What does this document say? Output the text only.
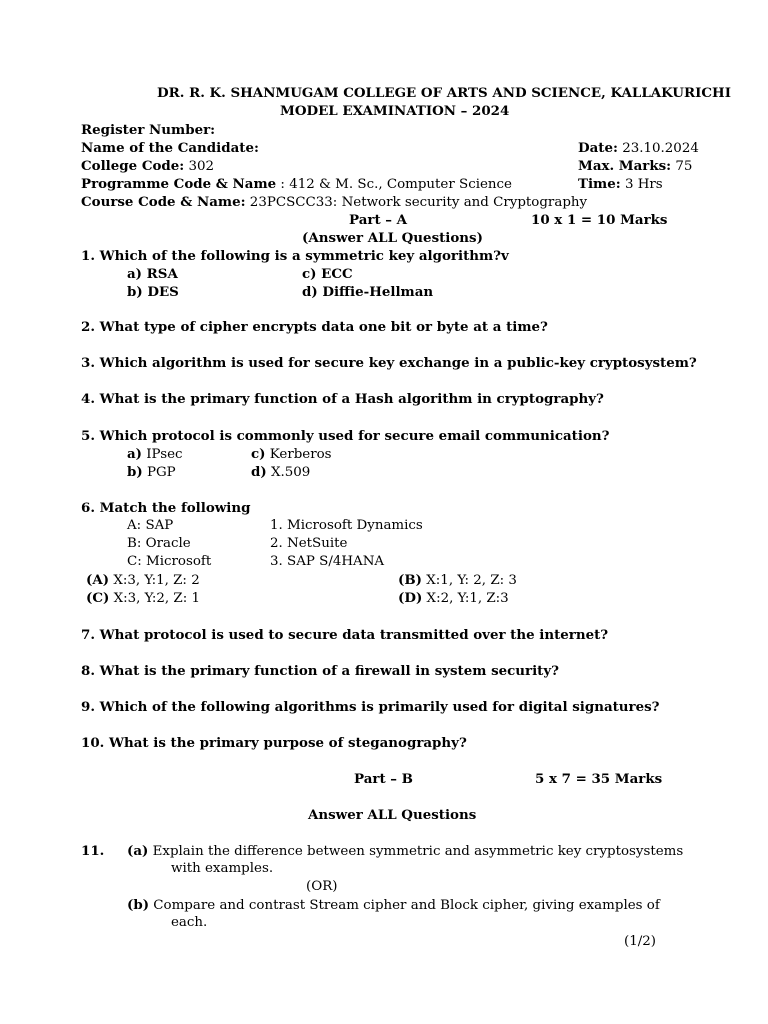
DR. R. K. SHANMUGAM COLLEGE OF ARTS AND SCIENCE, KALLAKURICHI
MODEL EXAMINATION – 2024
Register Number:
Name of the Candidate:	Date: 23.10.2024
College Code: 302	Max. Marks: 75
Programme Code & Name : 412 & M. Sc., Computer Science	Time: 3 Hrs
Course Code & Name: 23PCSCC33: Network security and Cryptography
Part – A	10 x 1 = 10 Marks
(Answer ALL Questions)
1. Which of the following is a symmetric key algorithm?v
a) RSA	c) ECC
b) DES	d) Diffie-Hellman
2. What type of cipher encrypts data one bit or byte at a time?
3. Which algorithm is used for secure key exchange in a public-key cryptosystem?
4. What is the primary function of a Hash algorithm in cryptography?
5. Which protocol is commonly used for secure email communication?
a) IPsec	c) Kerberos
b) PGP	d) X.509
6. Match the following
A: SAP	1. Microsoft Dynamics
B: Oracle	2. NetSuite
C: Microsoft	3. SAP S/4HANA
(A) X:3, Y:1, Z: 2	(B) X:1, Y: 2, Z: 3
(C) X:3, Y:2, Z: 1	(D) X:2, Y:1, Z:3
7. What protocol is used to secure data transmitted over the internet?
8. What is the primary function of a firewall in system security?
9. Which of the following algorithms is primarily used for digital signatures?
10. What is the primary purpose of steganography?
Part – B	5 x 7 = 35 Marks
Answer ALL Questions
11. (a) Explain the difference between symmetric and asymmetric key cryptosystems
with examples.
(OR)
(b) Compare and contrast Stream cipher and Block cipher, giving examples of
each.
(1/2)
